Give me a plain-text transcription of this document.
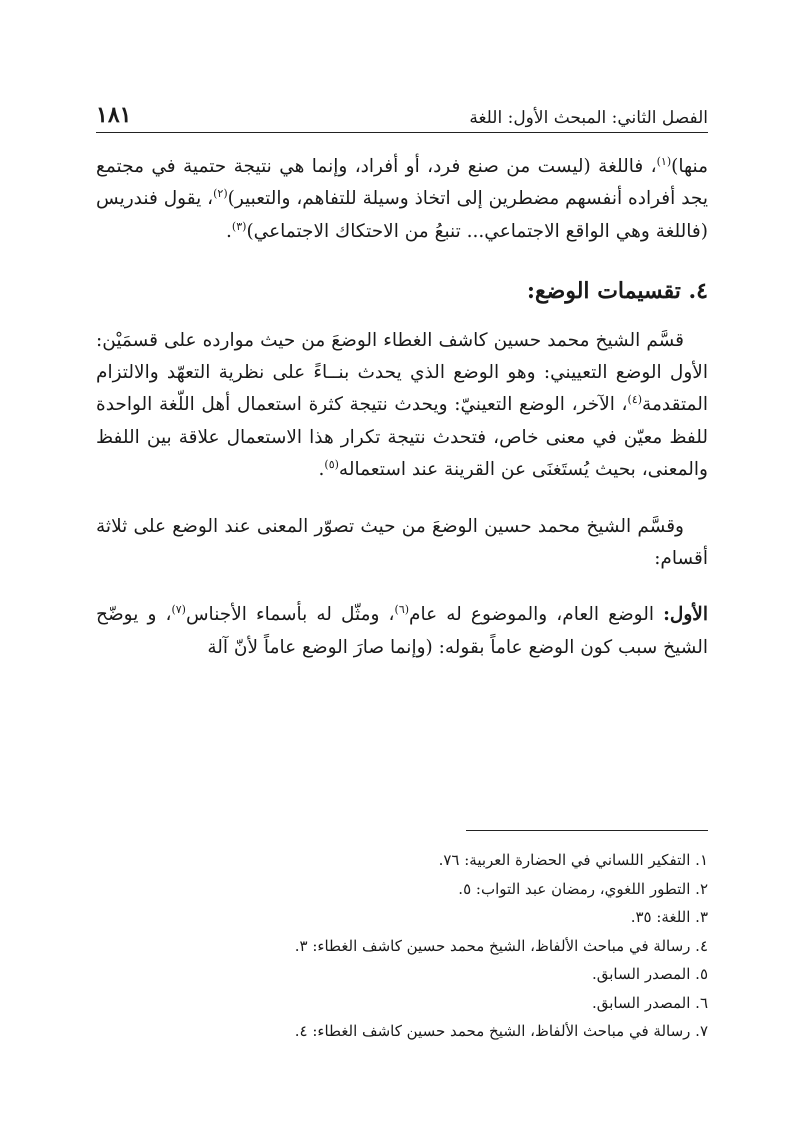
الفصل الثاني: المبحث الأول: اللغة
١٨١

منها)$^{(١)}$، فاللغة (ليست من صنع فرد، أو أفراد، وإنما هي نتيجة حتمية في مجتمع يجد أفراده أنفسهم مضطرين إلى اتخاذ وسيلة للتفاهم، والتعبير)$^{(٢)}$، يقول فندريس (فاللغة وهي الواقع الاجتماعي... تنبعُ من الاحتكاك الاجتماعي)$^{(٣)}$.

٤. تقسيمات الوضع:

قسَّم الشيخ محمد حسين كاشف الغطاء الوضعَ من حيث موارده على قسمَيْن: الأول الوضع التعييني: وهو الوضع الذي يحدث بنــاءً على نظرية التعهّد والالتزام المتقدمة$^{(٤)}$، الآخر، الوضع التعينيّ: ويحدث نتيجة كثرة استعمال أهل اللّغة الواحدة للفظ معيّن في معنى خاص، فتحدث نتيجة تكرار هذا الاستعمال علاقة بين اللفظ والمعنى، بحيث يُستَغنَى عن القرينة عند استعماله$^{(٥)}$.

وقسَّم الشيخ محمد حسين الوضعَ من حيث تصوّر المعنى عند الوضع على ثلاثة أقسام:

الأول: الوضع العام، والموضوع له عام$^{(٦)}$، ومثّل له بأسماء الأجناس$^{(٧)}$، و يوضّح الشيخ سبب كون الوضع عاماً بقوله: (وإنما صارَ الوضع عاماً لأنّ آلة

١. التفكير اللساني في الحضارة العربية: ٧٦.
٢. التطور اللغوي، رمضان عبد التواب: ٥.
٣. اللغة: ٣٥.
٤. رسالة في مباحث الألفاظ، الشيخ محمد حسين كاشف الغطاء: ٣.
٥. المصدر السابق.
٦. المصدر السابق.
٧. رسالة في مباحث الألفاظ، الشيخ محمد حسين كاشف الغطاء: ٤.
